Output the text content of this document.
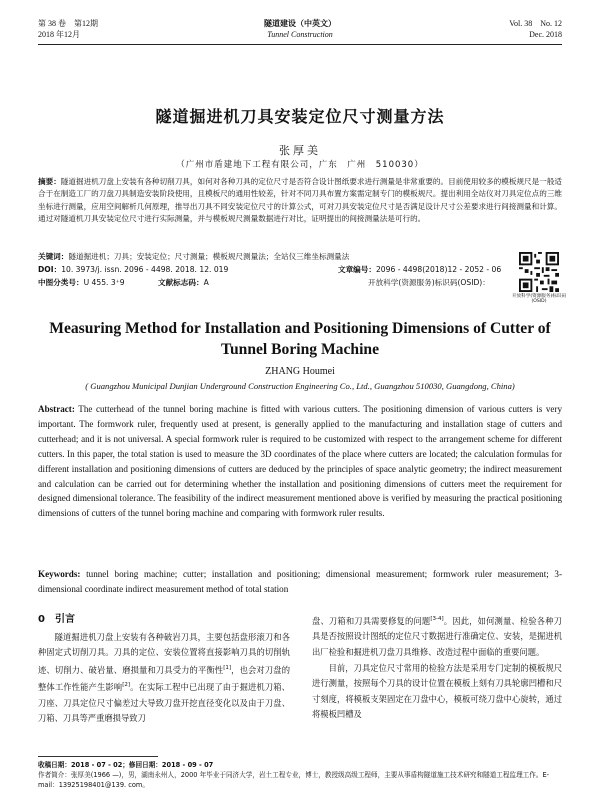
第 38 卷　第12期
2018 年12月
隧道建设（中英文）
Tunnel Construction
Vol. 38　No. 12
Dec. 2018
隧道掘进机刀具安装定位尺寸测量方法
张厚美
（广州市盾建地下工程有限公司，广东　广州　510030）
摘要：隧道掘进机刀盘上安装有各种切削刀具，如何对各种刀具的定位尺寸是否符合设计图纸要求进行测量是非常重要的。目前使用较多的模板规尺是一般适合于在制造工厂的刀盘刀具制造安装阶段使用，且模板尺的通用性较差，针对不同刀具布置方案需定制专门的模板规尺。提出利用全站仪对刀具定位点的三维坐标进行测量，应用空间解析几何原理，推导出刀具不同安装定位尺寸的计算公式，可对刀具安装定位尺寸是否满足设计尺寸公差要求进行间接测量和计算。通过对隧道机刀具安装定位尺寸进行实际测量，并与模板规尺测量数据进行对比，证明提出的间接测量法是可行的。
关键词：隧道掘进机；刀具；安装定位；尺寸测量；模板规尺测量法；全站仪三维坐标测量法
DOI：10. 3973/j. issn. 2096 - 4498. 2018. 12. 019	文章编号：2096 - 4498(2018)12 - 2052 - 06
中图分类号：U 455. 3⁺9	文献标志码：A	开放科学(资源服务)标识码(OSID)：
开放科学(资源服务)标识码(OSID)
Measuring Method for Installation and Positioning Dimensions of Cutter of Tunnel Boring Machine
ZHANG Houmei
( Guangzhou Municipal Dunjian Underground Construction Engineering Co., Ltd., Guangzhou 510030, Guangdong, China)
Abstract: The cutterhead of the tunnel boring machine is fitted with various cutters. The positioning dimension of various cutters is very important. The formwork ruler, frequently used at present, is generally applied to the manufacturing and installation stage of cutters and cutterhead; and it is not universal. A special formwork ruler is required to be customized with respect to the arrangement scheme for different cutters. In this paper, the total station is used to measure the 3D coordinates of the place where cutters are located; the calculation formulas for different installation and positioning dimensions of cutters are deduced by the principles of space analytic geometry; the indirect measurement and calculation can be carried out for determining whether the installation and positioning dimensions of cutters meet the requirement for designed dimensional tolerance. The feasibility of the indirect measurement mentioned above is verified by measuring the practical positioning dimensions of cutters of the tunnel boring machine and comparing with formwork ruler results.
Keywords: tunnel boring machine; cutter; installation and positioning; dimensional measurement; formwork ruler measurement; 3-dimensional coordinate indirect measurement method of total station
0　引言

隧道掘进机刀盘上安装有各种破岩刀具，主要包括盘形滚刀和各种固定式切削刀具。刀具的定位、安装位置将直接影响刀具的切削轨迹、切削力、破岩量、磨损量和刀具受力的平衡性[1]，也会对刀盘的整体工作性能产生影响[2]。在实际工程中已出现了由于掘进机刀箱、刀座、刀具定位尺寸偏差过大导致刀盘开挖直径变化以及由于刀盘、刀箱、刀具等严重磨损导致刀

盘、刀箱和刀具需要修复的问题[3-4]。因此，如何测量、检验各种刀具是否按照设计图纸的定位尺寸数据进行准确定位、安装，是掘进机出厂检验和掘进机刀盘刀具维修、改造过程中面临的重要问题。

目前，刀具定位尺寸常用的检验方法是采用专门定制的模板规尺进行测量，按照每个刀具的设计位置在模板上刻有刀具轮廓凹槽和尺寸刻度，将模板支架固定在刀盘中心，模板可绕刀盘中心旋转，通过将模板凹槽及

收稿日期：2018 - 07 - 02；修回日期：2018 - 09 - 07
作者简介：张厚美(1966 —)，男，湖南永州人，2000 年毕业于同济大学，岩土工程专业，博士，教授级高级工程师，主要从事盾构隧道施工技术研究和隧道工程监理工作。E-mail：13925198401@139. com。
